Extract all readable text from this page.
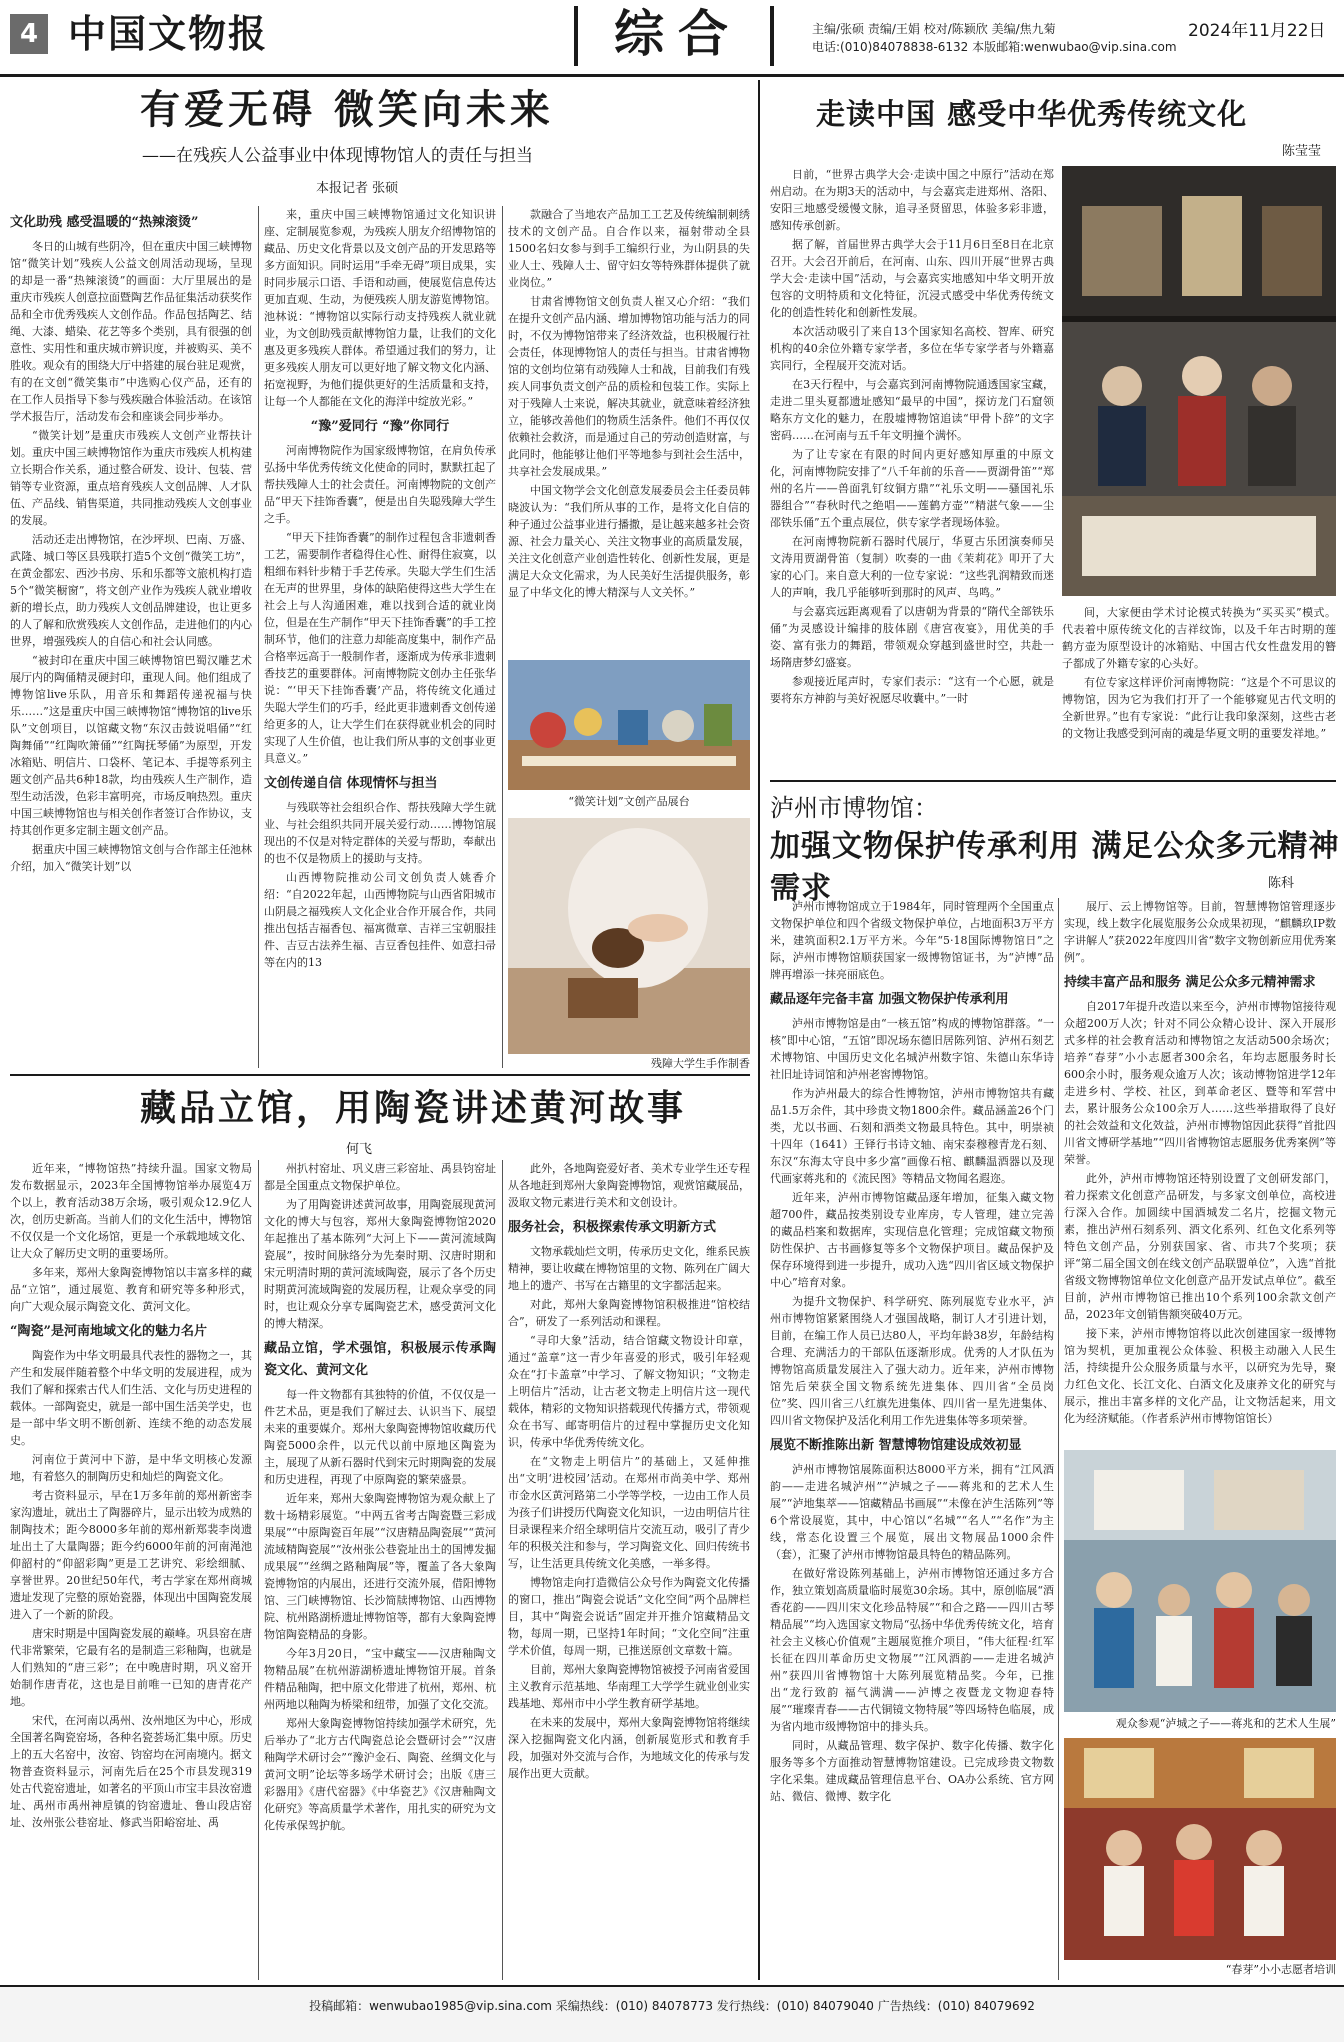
4 中国文物报	综合	主编/张硕 责编/王娟 校对/陈颖欣 美编/焦九菊
电话:(010)84078838-6132 本版邮箱:wenwubao@vip.sina.com
2024年11月22日
有爱无碍 微笑向未来
——在残疾人公益事业中体现博物馆人的责任与担当
本报记者 张硕
文化助残 感受温暖的“热辣滚烫”

冬日的山城有些阴冷，但在重庆中国三峡博物馆“微笑计划”残疾人公益文创周活动现场，呈现的却是一番“热辣滚烫”的画面：大厅里展出的是重庆市残疾人创意拉面暨陶艺作品征集活动获奖作品和全市优秀残疾人文创作品。作品包括陶艺、结绳、大漆、蜡染、花艺等多个类别，具有很强的创意性、实用性和重庆城市辨识度，并被购买、美不胜收。观众有的围绕大厅中搭建的展台驻足观赏，有的在文创“微笑集市”中选购心仪产品，还有的在工作人员指导下参与残疾融合体验活动。在该馆学术报告厅，活动发布会和座谈会同步举办。

“微笑计划”是重庆市残疾人文创产业帮扶计划。重庆中国三峡博物馆作为重庆市残疾人机构建立长期合作关系，通过整合研发、设计、包装、营销等专业资源，重点培育残疾人文创品牌、人才队伍、产品线、销售渠道，共同推动残疾人文创事业的发展。

活动还走出博物馆，在沙坪坝、巴南、万盛、武隆、城口等区县残联打造5个文创“微笑工坊”，在黄金都宏、西沙书房、乐和乐都等文旅机构打造5个“微笑橱窗”，将文创产业作为残疾人就业增收新的增长点，助力残疾人文创品牌建设，也让更多的人了解和欣赏残疾人文创作品，走进他们的内心世界，增强残疾人的自信心和社会认同感。

“被封印在重庆中国三峡博物馆巴蜀汉雕艺术展厅内的陶俑精灵硬封印，重现人间。他们组成了博物馆live乐队，用音乐和舞蹈传递祝福与快乐……”这是重庆中国三峡博物馆“博物馆的live乐队”文创项目，以馆藏文物“东汉击鼓说唱俑”“红陶舞俑”“红陶吹箫俑”“红陶抚琴俑”为原型，开发冰箱贴、明信片、口袋杯、笔记本、手提等系列主题文创产品共6种18款，均由残疾人生产制作，造型生动活泼，色彩丰富明亮，市场反响热烈。重庆中国三峡博物馆也与相关创作者签订合作协议，支持其创作更多定制主题文创产品。

据重庆中国三峡博物馆文创与合作部主任池林介绍，加入“微笑计划”以

来，重庆中国三峡博物馆通过文化知识讲座、定制展览参观，为残疾人朋友介绍博物馆的藏品、历史文化背景以及文创产品的开发思路等多方面知识。同时运用“手牵无碍”项目成果，实时同步展示口语、手语和动画，使展览信息传达更加直观、生动，为便残疾人朋友游览博物馆。池林说：“博物馆以实际行动支持残疾人就业就业，为文创助残贡献博物馆力量，让我们的文化惠及更多残疾人群体。希望通过我们的努力，让更多残疾人朋友可以更好地了解文物文化内涵、拓宽视野，为他们提供更好的生活质量和支持，让每一个人都能在文化的海洋中绽放光彩。”

“豫”爱同行 “豫”你同行

河南博物院作为国家级博物馆，在肩负传承弘扬中华优秀传统文化使命的同时，默默扛起了帮扶残障人士的社会责任。河南博物院的文创产品“甲天下挂饰香囊”，便是出自失聪残障大学生之手。

“甲天下挂饰香囊”的制作过程包含非遗刺香工艺，需要制作者稳得住心性、耐得住寂寞，以粗细布料针步精于手艺传承。失聪大学生们生活在无声的世界里，身体的缺陷使得这些大学生在社会上与人沟通困难，难以找到合适的就业岗位，但是在生产制作“甲天下挂饰香囊”的手工控制环节，他们的注意力却能高度集中，制作产品合格率远高于一般制作者，逐渐成为传承非遗刺香技艺的重要群体。河南博物院文创办主任张华说：“‘甲天下挂饰香囊’产品，将传统文化通过失聪大学生们的巧手，经此更非遗刺香文创传递给更多的人，让大学生们在获得就业机会的同时实现了人生价值，也让我们所从事的文创事业更具意义。”

文创传递自信 体现情怀与担当

与残联等社会组织合作、帮扶残障大学生就业、与社会组织共同开展关爱行动……博物馆展现出的不仅是对特定群体的关爱与帮助，奉献出的也不仅是物质上的援助与支持。

山西博物院推动公司文创负责人姚香介绍：“自2022年起，山西博物院与山西省阳城市山阴晨之福残疾人文化企业合作开展合作，共同推出包括吉福香包、福寓微章、吉祥三宝朝服挂件、吉豆古法养生福、吉豆香包挂件、如意扫帚等在内的13

款融合了当地农产品加工工艺及传统编制刺绣技术的文创产品。自合作以来，福射带动全县1500名妇女参与到手工编织行业，为山阴县的失业人士、残障人士、留守妇女等特殊群体提供了就业岗位。”

甘肃省博物馆文创负责人崔又心介绍：“我们在提升文创产品内涵、增加博物馆功能与活力的同时，不仅为博物馆带来了经济效益，也积极履行社会责任，体现博物馆人的责任与担当。甘肃省博物馆的文创均位第有动残障人士和战，目前我们有残疾人同事负责文创产品的质检和包装工作。实际上对于残障人士来说，解决其就业，就意味着经济独立，能够改善他们的物质生活条件。他们不再仅仅依赖社会救济，而是通过自己的劳动创造财富，与此同时，他能够让他们平等地参与到社会生活中，共享社会发展成果。”

中国文物学会文化创意发展委员会主任委员韩晓波认为：“我们所从事的工作，是将文化自信的种子通过公益事业进行播撒，是让越来越多社会资源、社会力量关心、关注文物事业的高质量发展，关注文化创意产业创造性转化、创新性发展，更是满足大众文化需求，为人民美好生活提供服务，彰显了中华文化的博大精深与人文关怀。”

“微笑计划”文创产品展台
残障大学生手作制香
藏品立馆，用陶瓷讲述黄河故事
何飞

近年来，“博物馆热”持续升温。国家文物局发布数据显示，2023年全国博物馆举办展览4万个以上，教育活动38万余场，吸引观众12.9亿人次，创历史新高。当前人们的文化生活中，博物馆不仅仅是一个文化场馆，更是一个承载地域文化、让大众了解历史文明的重要场所。

多年来，郑州大象陶瓷博物馆以丰富多样的藏品“立馆”，通过展览、教育和研究等多种形式，向广大观众展示陶瓷文化、黄河文化。

“陶瓷”是河南地域文化的魅力名片

陶瓷作为中华文明最具代表性的器物之一，其产生和发展伴随着整个中华文明的发展进程，成为我们了解和探索古代人们生活、文化与历史进程的载体。一部陶瓷史，就是一部中国生活美学史，也是一部中华文明不断创新、连续不绝的动态发展史。

河南位于黄河中下游，是中华文明核心发源地，有着悠久的制陶历史和灿烂的陶瓷文化。

考古资料显示，早在1万多年前的郑州新密李家沟遗址，就出土了陶器碎片，显示出较为成熟的制陶技术；距今8000多年前的郑州新郑裴李岗遗址出土了大量陶器；距今约6000年前的河南渑池仰韶村的“仰韶彩陶”更是工艺讲究、彩绘细腻、享誉世界。20世纪50年代，考古学家在郑州商城遗址发现了完整的原始瓷器，体现出中国陶瓷发展进入了一个新的阶段。

唐宋时期是中国陶瓷发展的巅峰。巩县窑在唐代非常繁荣，它最有名的是制造三彩釉陶，也就是人们熟知的“唐三彩”；在中晚唐时期，巩义窑开始制作唐青花，这也是目前唯一已知的唐青花产地。

宋代，在河南以禹州、汝州地区为中心，形成全国著名陶瓷窑场，各种名瓷荟场汇集中原。历史上的五大名窑中，汝窑、钧窑均在河南境内。据文物普查资料显示，河南先后在25个市县发现319处古代瓷窑遗址，如著名的平顶山市宝丰县汝窑遗址、禹州市禹州神垕镇的钧窑遗址、鲁山段店窑址、汝州张公巷窑址、修武当阳峪窑址、禹

州扒村窑址、巩义唐三彩窑址、禹县钧窑址都是全国重点文物保护单位。

为了用陶瓷讲述黄河故事，用陶瓷展现黄河文化的博大与包容，郑州大象陶瓷博物馆2020年起推出了基本陈列“大河上下——黄河流域陶瓷展”，按时间脉络分为先秦时期、汉唐时期和宋元明清时期的黄河流域陶瓷，展示了各个历史时期黄河流域陶瓷的发展历程，让观众享受的同时，也让观众分享专属陶瓷艺术，感受黄河文化的博大精深。

藏品立馆，学术强馆，积极展示传承陶瓷文化、黄河文化

每一件文物都有其独特的价值，不仅仅是一件艺术品，更是我们了解过去、认识当下、展望未来的重要媒介。郑州大象陶瓷博物馆收藏历代陶瓷5000余件，以元代以前中原地区陶瓷为主，展现了从新石器时代到宋元时期陶瓷的发展和历史进程，再现了中原陶瓷的繁荣盛景。

近年来，郑州大象陶瓷博物馆为观众献上了数十场精彩展览。“中两五省考古陶瓷暨三彩成果展”“中原陶瓷百年展”“汉唐精品陶瓷展”“黄河流域精陶瓷展”“汝州张公巷瓷址出土的国博发掘成果展”“丝绸之路釉陶展”等，覆盖了各大象陶瓷博物馆的内展出，还进行交流外展，借阳博物馆、三门峡博物馆、长沙简牍博物馆、山西博物院、杭州路湖桥遗址博物馆等，都有大象陶瓷博物馆陶瓷精品的身影。

今年3月20日，“宝中藏宝——汉唐釉陶文物精品展”在杭州游湖桥遗址博物馆开展。首条件精品釉陶，把中原文化带进了杭州，郑州、杭州两地以釉陶为桥梁和纽带，加强了文化交流。

郑州大象陶瓷博物馆持续加强学术研究，先后举办了“北方古代陶瓷总论会暨研讨会”“汉唐釉陶学术研讨会”“豫沪金石、陶瓷、丝绸文化与黄河文明”论坛等多场学术研讨会；出版《唐三彩器用》《唐代窑器》《中华瓷艺》《汉唐釉陶文化研究》等高质量学术著作，用扎实的研究为文化传承保驾护航。

此外，各地陶瓷爱好者、美术专业学生还专程从各地赶到郑州大象陶瓷博物馆，观赏馆藏展品，汲取文物元素进行美术和文创设计。

服务社会，积极探索传承文明新方式

文物承载灿烂文明，传承历史文化，维系民族精神，要让收藏在博物馆里的文物、陈列在广阔大地上的遗产、书写在古籍里的文字都活起来。

对此，郑州大象陶瓷博物馆积极推进“馆校结合”，研发了一系列活动和课程。

“寻印大象”活动，结合馆藏文物设计印章，通过“盖章”这一青少年喜爱的形式，吸引年轻观众在“打卡盖章”中学习、了解文物知识；“文物走上明信片”活动，让古老文物走上明信片这一现代载体，精彩的文物知识搭载现代传播方式，带领观众在书写、邮寄明信片的过程中掌握历史文化知识，传承中华优秀传统文化。

在“文物走上明信片”的基础上，又延伸推出“文明‘进校园’活动。在郑州市尚美中学、郑州市金水区黄河路第二小学等学校，一边由工作人员为孩子们讲授历代陶瓷文化知识，一边由明信片往目录课程来介绍全球明信片交流互动，吸引了青少年的积极关注和参与，学习陶瓷文化、回归传统书写，让生活更具传统文化美感，一举多得。

博物馆走向打造微信公众号作为陶瓷文化传播的窗口，推出“陶瓷会说话”文化空间“两个品牌栏目，其中“陶瓷会说话”固定并开推介馆藏精品文物，每周一期，已坚持1年时间；“文化空间”注重学术价值，每周一期，已推送原创文章数十篇。

目前，郑州大象陶瓷博物馆被授予河南省爱国主义教育示范基地、华南理工大学学生就业创业实践基地、郑州市中小学生教育研学基地。

在未来的发展中，郑州大象陶瓷博物馆将继续深入挖掘陶瓷文化内涵，创新展览形式和教育手段，加强对外交流与合作，为地域文化的传承与发展作出更大贡献。

走读中国 感受中华优秀传统文化
陈莹莹

日前，“世界古典学大会·走读中国之中原行”活动在郑州启动。在为期3天的活动中，与会嘉宾走进郑州、洛阳、安阳三地感受缓慢文脉，追寻圣贤留思，体验多彩非遗，感知传承创新。

据了解，首届世界古典学大会于11月6日至8日在北京召开。大会召开前后，在河南、山东、四川开展“世界古典学大会·走读中国”活动，与会嘉宾实地感知中华文明开放包容的文明特质和文化特征，沉浸式感受中华优秀传统文化的创造性转化和创新性发展。

本次活动吸引了来自13个国家知名高校、智库、研究机构的40余位外籍专家学者，多位在华专家学者与外籍嘉宾同行，全程展开交流对话。

在3天行程中，与会嘉宾到河南博物院通透国家宝藏，走进二里头夏都遗址感知“最早的中国”，探访龙门石窟领略东方文化的魅力，在殷墟博物馆追读“甲骨卜辞”的文字密码……在河南与五千年文明撞个满怀。

为了让专家在有限的时间内更好感知厚重的中原文化，河南博物院安排了“八千年前的乐音——贾湖骨笛”“郑州的名片——兽面乳钉纹铜方鼎”“礼乐文明——骚国礼乐器组合”“春秋时代之绝唱——莲鹤方壶”“精湛气象——尘邵铁乐俑”五个重点展位，供专家学者现场体验。

在河南博物院新石器时代展厅，华夏古乐团演奏师吴文涛用贾湖骨笛（复制）吹奏的一曲《茉莉花》叩开了大家的心门。来自意大利的一位专家说：“这些乳润精致而迷人的声响，我几乎能够听到那时的风声、鸟鸣。”

与会嘉宾远距离观看了以唐朝为背景的“隋代全部铁乐俑”为灵感设计编排的肢体剧《唐宫夜宴》，用优美的手姿、富有张力的舞蹈，带领观众穿越到盛世时空，共赴一场隋唐梦幻盛宴。

参观接近尾声时，专家们表示：“这有一个心愿，就是要将东方神韵与美好祝愿尽收囊中。”一时

间，大家便由学术讨论模式转换为“买买买”模式。代表着中原传统文化的吉祥纹饰，以及千年古时期的莲鹤方壶为原型设计的冰箱贴、中国古代女性盘发用的簪子都成了外籍专家的心头好。

有位专家这样评价河南博物院：“这是个不可思议的博物馆，因为它为我们打开了一个能够窥见古代文明的全新世界。”也有专家说：“此行让我印象深刻，这些古老的文物让我感受到河南的魂是华夏文明的重要发祥地。”

泸州市博物馆：
加强文物保护传承利用 满足公众多元精神需求	陈科

泸州市博物馆成立于1984年，同时管理两个全国重点文物保护单位和四个省级文物保护单位，占地面积3万平方米，建筑面积2.1万平方米。今年“5·18国际博物馆日”之际，泸州市博物馆顺获国家一级博物馆证书，为“泸博”品牌再增添一抹亮丽底色。

藏品逐年完备丰富 加强文物保护传承利用

泸州市博物馆是由“一核五馆”构成的博物馆群落。“一核”即中心馆，“五馆”即况场东德旧居陈列馆、泸州石刻艺术博物馆、中国历史文化名城泸州数字馆、朱德山东华诗社旧址诗词馆和泸州老窖博物馆。

作为泸州最大的综合性博物馆，泸州市博物馆共有藏品1.5万余件，其中珍贵文物1800余件。藏品涵盖26个门类，尤以书画、石刻和酒类文物最具特色。其中，明崇祯十四年（1641）王铎行书诗文轴、南宋泰穆穆青龙石刻、东汉“东海太守良中多少富”画像石棺、麒麟温酒器以及现代画家蒋兆和的《流民图》等精品文物闻名遐迩。

近年来，泸州市博物馆藏品逐年增加，征集入藏文物超700件，藏品按类别设专业库房，专人管理，建立完善的藏品档案和数据库，实现信息化管理；完成馆藏文物预防性保护、古书画修复等多个文物保护项目。藏品保护及保存环境得到进一步提升，成功入选“四川省区域文物保护中心”培育对象。

为提升文物保护、科学研究、陈列展览专业水平，泸州市博物馆紧紧围绕人才强国战略，制订人才引进计划，目前，在编工作人员已达80人，平均年龄38岁，年龄结构合理、充满活力的干部队伍逐渐形成。优秀的人才队伍为博物馆高质量发展注入了强大动力。近年来，泸州市博物馆先后荣获全国文物系统先进集体、四川省“全员岗位”奖、四川省三八红旗先进集体、四川省一星先进集体、四川省文物保护及活化利用工作先进集体等多项荣誉。

展览不断推陈出新 智慧博物馆建设成效初显

泸州市博物馆展陈面积达8000平方米，拥有“江风酒韵——走进名城泸州”“泸城之子——蒋兆和的艺术人生展”“泸地集萃——馆藏精品书画展”“未像在泸生活陈列”等6个常设展览，其中，中心馆以“名城”“名人”“名作”为主线，常态化设置三个展览，展出文物展品1000余件（套），汇聚了泸州市博物馆最具特色的精品陈列。

在做好常设陈列基础上，泸州市博物馆还通过多方合作，独立策划高质量临时展览30余场。其中，原创临展“酒香花韵——四川宋文化珍品特展”“和合之路——四川古琴精品展”“均入选国家文物局“弘扬中华优秀传统文化，培育社会主义核心价值观”主题展览推介项目，“伟大征程·红军长征在四川革命历史文物展”“江风酒韵——走进名城泸州”获四川省博物馆十大陈列展览精品奖。今年，已推出“龙行致韵 福气满满——泸博之夜暨龙文物迎春特展”“璀璨青春——古代铜镜文物特展”等四场特色临展，成为省内地市级博物馆中的排头兵。

同时，从藏品管理、数字保护、数字化传播、数字化服务等多个方面推动智慧博物馆建设。已完成珍贵文物数字化采集。建成藏品管理信息平台、OA办公系统、官方网站、微信、微博、数字化

展厅、云上博物馆等。目前，智慧博物馆管理逐步实现，线上数字化展览服务公众成果初现，“麒麟玖IP数字讲解人”获2022年度四川省“数字文物创新应用优秀案例”。

持续丰富产品和服务 满足公众多元精神需求

自2017年提升改造以来至今，泸州市博物馆接待观众超200万人次；针对不同公众精心设计、深入开展形式多样的社会教育活动和博物馆之友活动500余场次；培养“春芽”小小志愿者300余名，年均志愿服务时长600余小时，服务观众逾万人次；该动博物馆进学12年走进乡村、学校、社区，到革命老区、暨等和军营中去，累计服务公众100余万人……这些举措取得了良好的社会效益和文化效益，泸州市博物馆因此获得“首批四川省文博研学基地”“四川省博物馆志愿服务优秀案例”等荣誉。

此外，泸州市博物馆还特别设置了文创研发部门，着力探索文化创意产品研发，与多家文创单位，高校进行深入合作。加圆续中国酒城发二名片，挖掘文物元素，推出泸州石刻系列、酒文化系列、红色文化系列等特色文创产品，分别获国家、省、市共7个奖项；获评“第二届全国文创在线文创产品联盟单位”，入选“首批省级文物博物馆单位文化创意产品开发试点单位”。截至目前，泸州市博物馆已推出10个系列100余款文创产品，2023年文创销售额突破40万元。

接下来，泸州市博物馆将以此次创建国家一级博物馆为契机，更加重视公众体验、积极主动融入人民生活，持续提升公众服务质量与水平，以研究为先导，聚力红色文化、长江文化、白酒文化及康养文化的研究与展示，推出丰富多样的文化产品，让文物活起来，用文化为经济赋能。（作者系泸州市博物馆馆长）

观众参观“泸城之子——蒋兆和的艺术人生展”
“春芽”小小志愿者培训
投稿邮箱：wenwubao1985@vip.sina.com 采编热线：(010) 84078773 发行热线：(010) 84079040 广告热线：(010) 84079692
